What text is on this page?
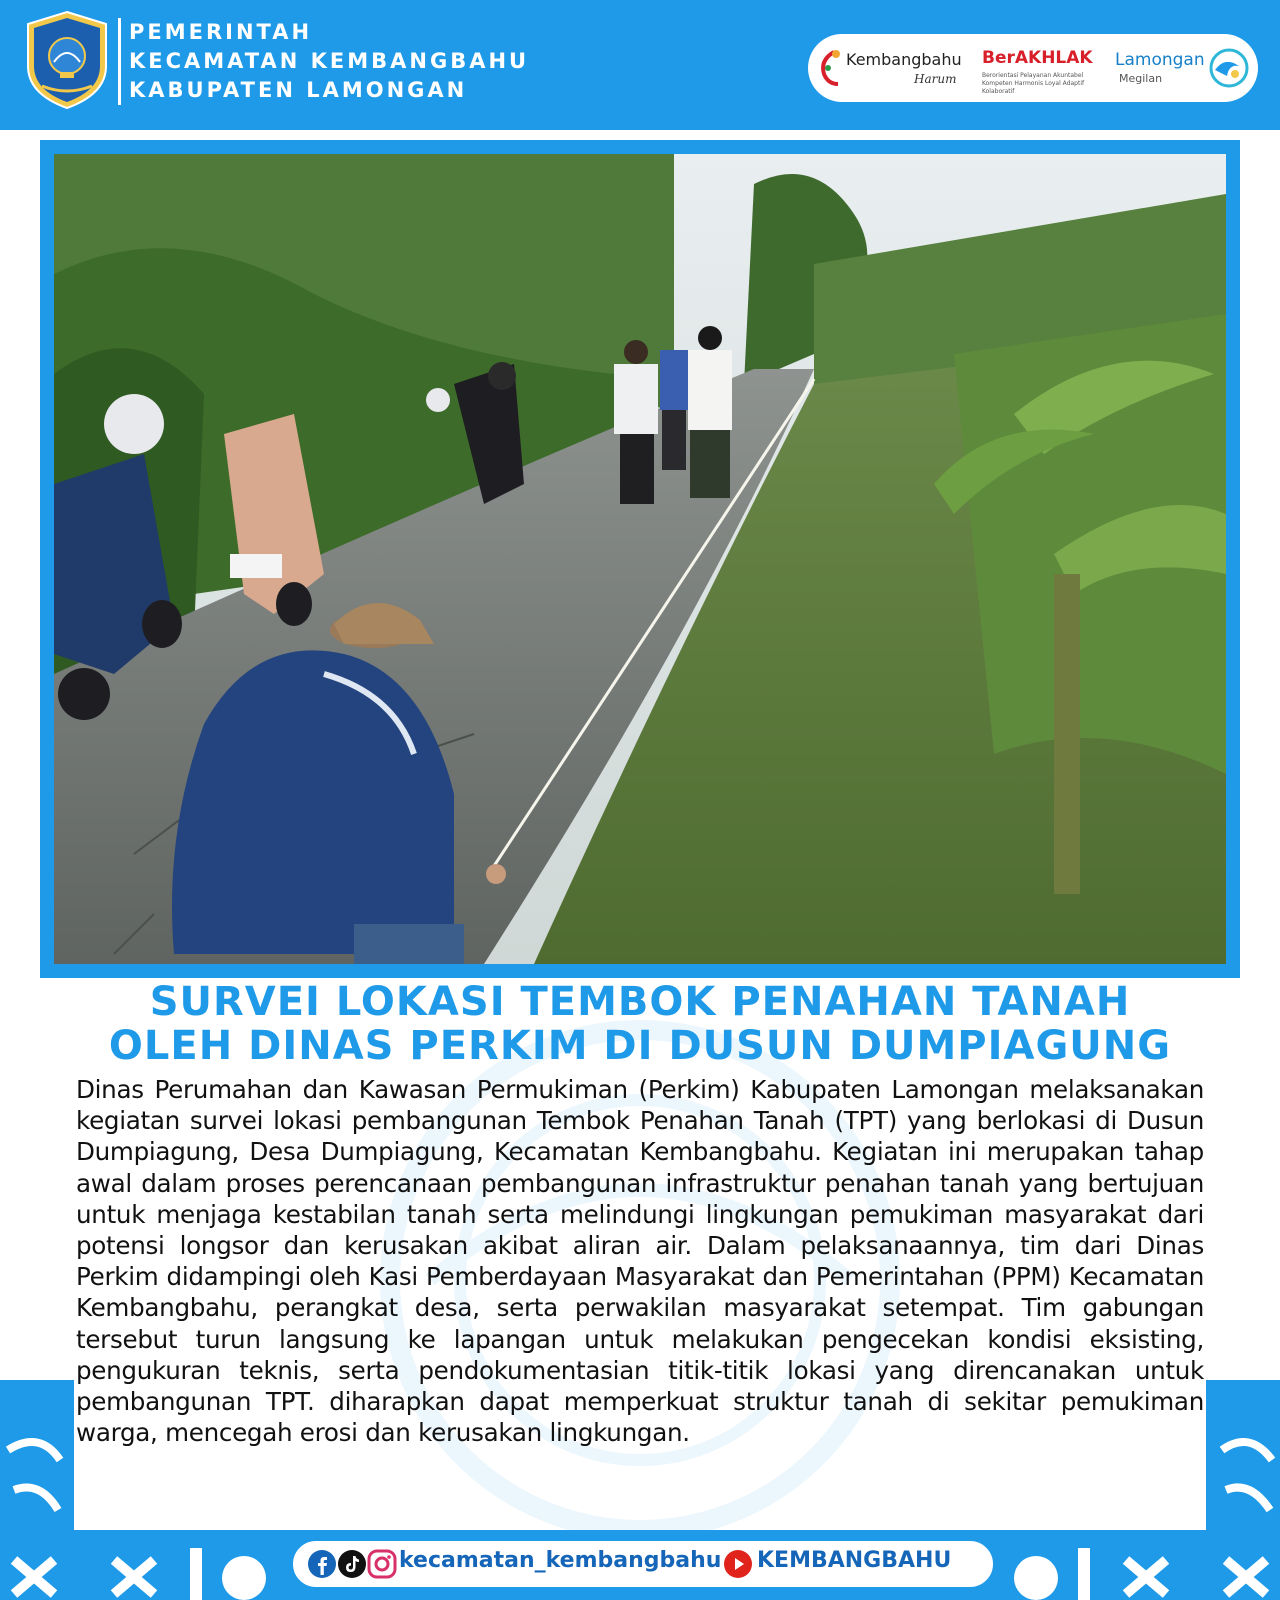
PEMERINTAH
KECAMATAN KEMBANGBAHU
KABUPATEN LAMONGAN
Kembangbahu
Harum
BerAKHLAK
Berorientasi Pelayanan Akuntabel Kompeten Harmonis Loyal Adaptif Kolaboratif
Lamongan
Megilan
SURVEI LOKASI TEMBOK PENAHAN TANAH
OLEH DINAS PERKIM DI DUSUN DUMPIAGUNG
Dinas Perumahan dan Kawasan Permukiman (Perkim) Kabupaten Lamongan melaksanakan kegiatan survei lokasi pembangunan Tembok Penahan Tanah (TPT) yang berlokasi di Dusun Dumpiagung, Desa Dumpiagung, Kecamatan Kembangbahu. Kegiatan ini merupakan tahap awal dalam proses perencanaan pembangunan infrastruktur penahan tanah yang bertujuan untuk menjaga kestabilan tanah serta melindungi lingkungan pemukiman masyarakat dari potensi longsor dan kerusakan akibat aliran air. Dalam pelaksanaannya, tim dari Dinas Perkim didampingi oleh Kasi Pemberdayaan Masyarakat dan Pemerintahan (PPM) Kecamatan Kembangbahu, perangkat desa, serta perwakilan masyarakat setempat. Tim gabungan tersebut turun langsung ke lapangan untuk melakukan pengecekan kondisi eksisting, pengukuran teknis, serta pendokumentasian titik-titik lokasi yang direncanakan untuk pembangunan TPT. diharapkan dapat memperkuat struktur tanah di sekitar pemukiman warga, mencegah erosi dan kerusakan lingkungan.
kecamatan_kembangbahu KEMBANGBAHU
